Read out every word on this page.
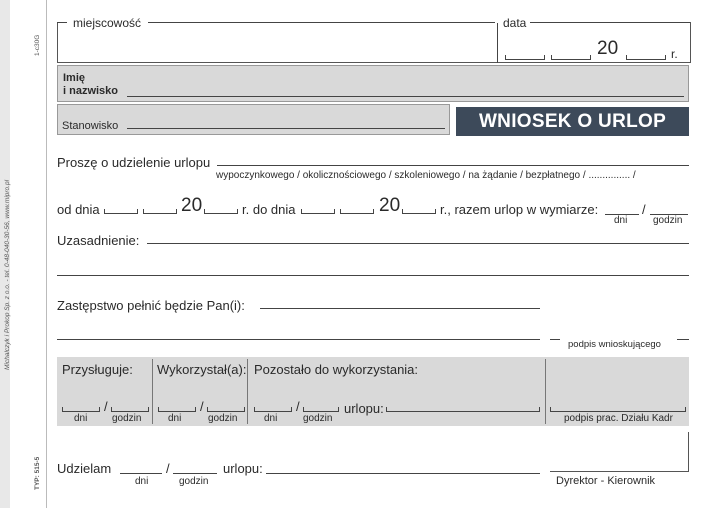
1-c30G
Michalczyk i Prokop Sp. z o.o. - tel. 0-48-040-30-56, www.mipro.pl
TYP: 515-5
miejscowość	data
20	r.
Imię
i nazwisko
Stanowisko	WNIOSEK O URLOP
Proszę o udzielenie urlopu
wypoczynkowego / okolicznościowego / szkoleniowego / na żądanie / bezpłatnego / ............... /
od dnia	20	r. do dnia	20	r., razem urlop w wymiarze:	/
dni	godzin
Uzasadnienie:
Zastępstwo pełnić będzie Pan(i):
podpis wnioskującego
Przysługuje: Wykorzystał(a): Pozostało do wykorzystania:
/
dni godzin
/
dni	godzin
/
dni	godzin
urlopu:
podpis prac. Działu Kadr
Udzielam	/
dni	godzin
urlopu:
Dyrektor - Kierownik
